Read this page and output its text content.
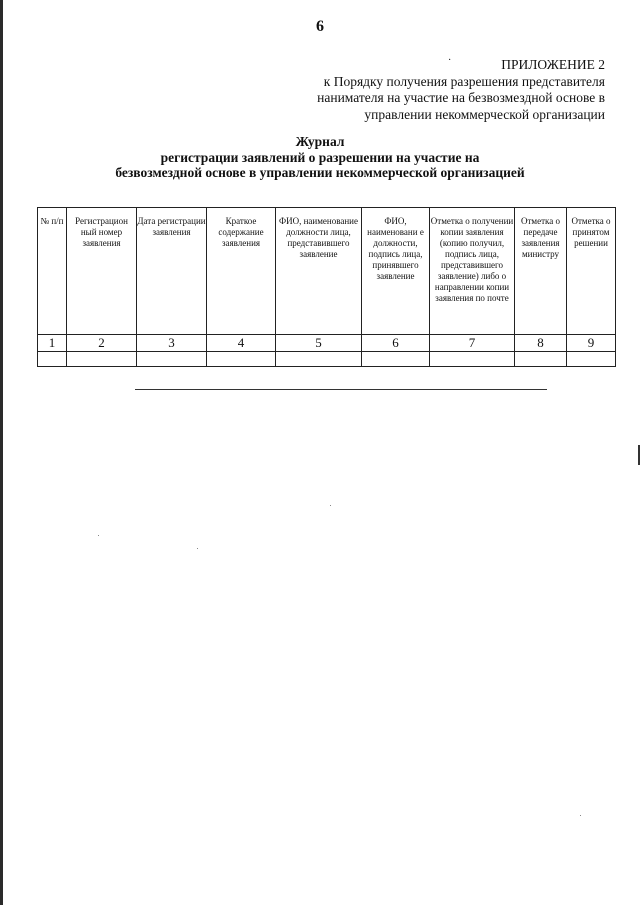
·
6
ПРИЛОЖЕНИЕ 2
к Порядку получения разрешения представителя
нанимателя на участие на безвозмездной основе в
управлении некоммерческой организации
Журнал
регистрации заявлений о разрешении на участие на
безвозмездной основе в управлении некоммерческой организацией
№ п/п	Регистрацион ный номер заявления	Дата регистрации заявления	Краткое содержание заявления	ФИО, наименование должности лица, представившего заявление	ФИО, наименовани е должности, подпись лица, принявшего заявление	Отметка о получении копии заявления (копию получил, подпись лица, представившего заявление) либо о направлении копии заявления по почте	Отметка о передаче заявления министру	Отметка о принятом решении
1	2	3	4	5	6	7	8	9
